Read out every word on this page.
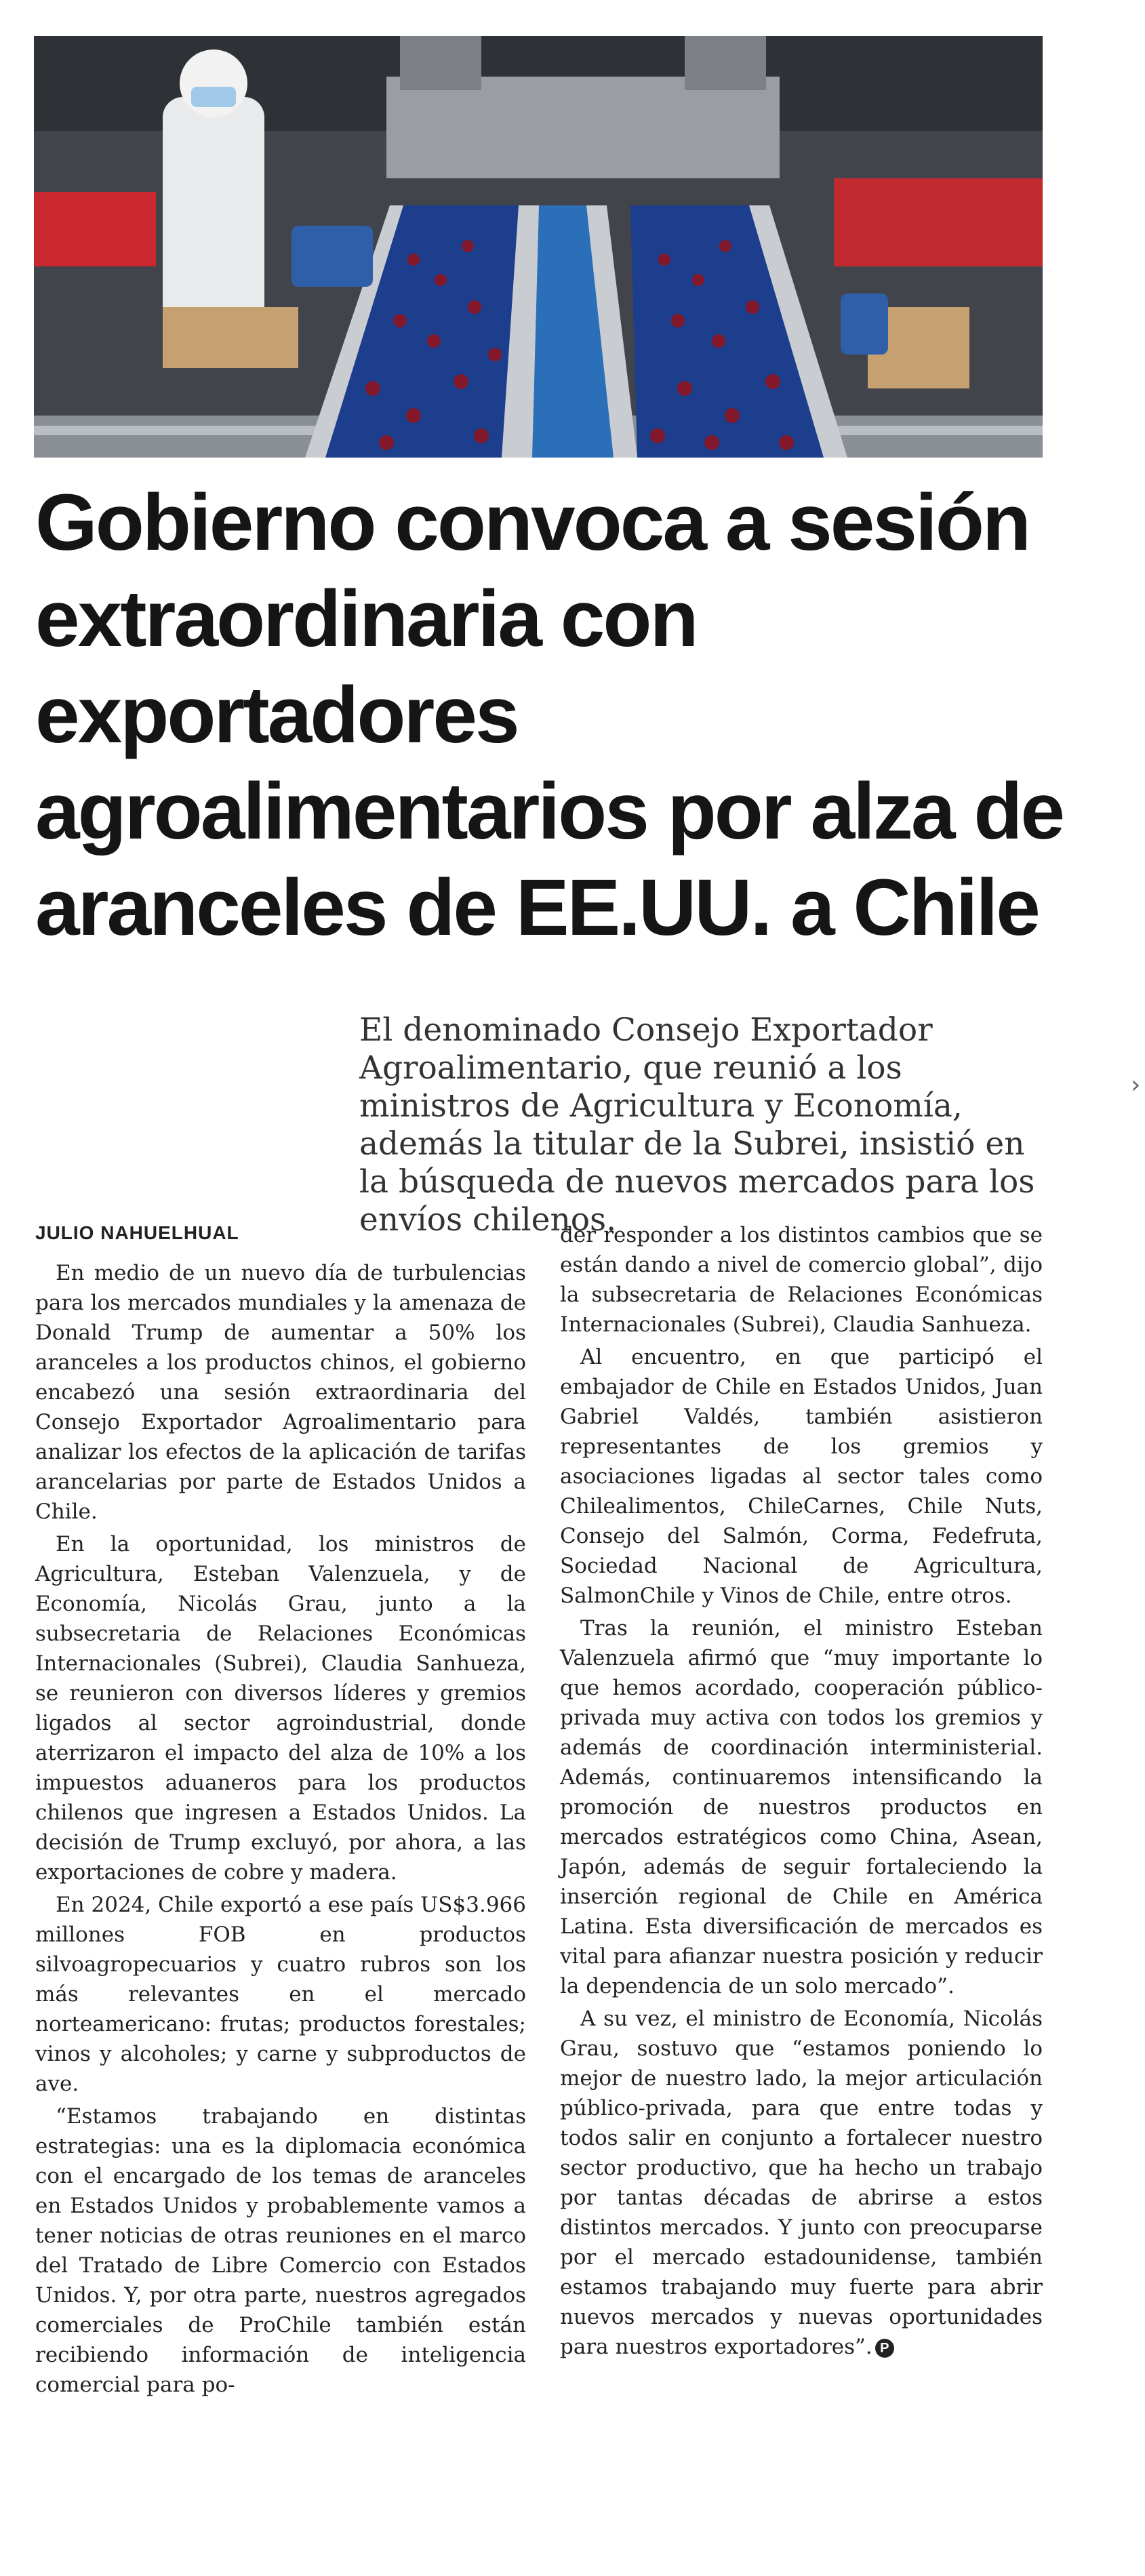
Gobierno convoca a sesión extraordinaria con exportadores agroalimentarios por alza de aranceles de EE.UU. a Chile

El denominado Consejo Exportador Agroalimentario, que reunió a los ministros de Agricultura y Economía, además la titular de la Subrei, insistió en la búsqueda de nuevos mercados para los envíos chilenos.

›

JULIO NAHUELHUAL

En medio de un nuevo día de turbulencias para los mercados mundiales y la amenaza de Donald Trump de aumentar a 50% los aranceles a los productos chinos, el gobierno encabezó una sesión extraordinaria del Consejo Exportador Agroalimentario para analizar los efectos de la aplicación de tarifas arancelarias por parte de Estados Unidos a Chile.

En la oportunidad, los ministros de Agricultura, Esteban Valenzuela, y de Economía, Nicolás Grau, junto a la subsecretaria de Relaciones Económicas Internacionales (Subrei), Claudia Sanhueza, se reunieron con diversos líderes y gremios ligados al sector agroindustrial, donde aterrizaron el impacto del alza de 10% a los impuestos aduaneros para los productos chilenos que ingresen a Estados Unidos. La decisión de Trump excluyó, por ahora, a las exportaciones de cobre y madera.

En 2024, Chile exportó a ese país US$3.966 millones FOB en productos silvoagropecuarios y cuatro rubros son los más relevantes en el mercado norteamericano: frutas; productos forestales; vinos y alcoholes; y carne y subproductos de ave.

“Estamos trabajando en distintas estrategias: una es la diplomacia económica con el encargado de los temas de aranceles en Estados Unidos y probablemente vamos a tener noticias de otras reuniones en el marco del Tratado de Libre Comercio con Estados Unidos. Y, por otra parte, nuestros agregados comerciales de ProChile también están recibiendo información de inteligencia comercial para po-

der responder a los distintos cambios que se están dando a nivel de comercio global”, dijo la subsecretaria de Relaciones Económicas Internacionales (Subrei), Claudia Sanhueza.

Al encuentro, en que participó el embajador de Chile en Estados Unidos, Juan Gabriel Valdés, también asistieron representantes de los gremios y asociaciones ligadas al sector tales como Chilealimentos, ChileCarnes, Chile Nuts, Consejo del Salmón, Corma, Fedefruta, Sociedad Nacional de Agricultura, SalmonChile y Vinos de Chile, entre otros.

Tras la reunión, el ministro Esteban Valenzuela afirmó que “muy importante lo que hemos acordado, cooperación público-privada muy activa con todos los gremios y además de coordinación interministerial. Además, continuaremos intensificando la promoción de nuestros productos en mercados estratégicos como China, Asean, Japón, además de seguir fortaleciendo la inserción regional de Chile en América Latina. Esta diversificación de mercados es vital para afianzar nuestra posición y reducir la dependencia de un solo mercado”.

A su vez, el ministro de Economía, Nicolás Grau, sostuvo que “estamos poniendo lo mejor de nuestro lado, la mejor articulación público-privada, para que entre todas y todos salir en conjunto a fortalecer nuestro sector productivo, que ha hecho un trabajo por tantas décadas de abrirse a estos distintos mercados. Y junto con preocuparse por el mercado estadounidense, también estamos trabajando muy fuerte para abrir nuevos mercados y nuevas oportunidades para nuestros exportadores”. P
